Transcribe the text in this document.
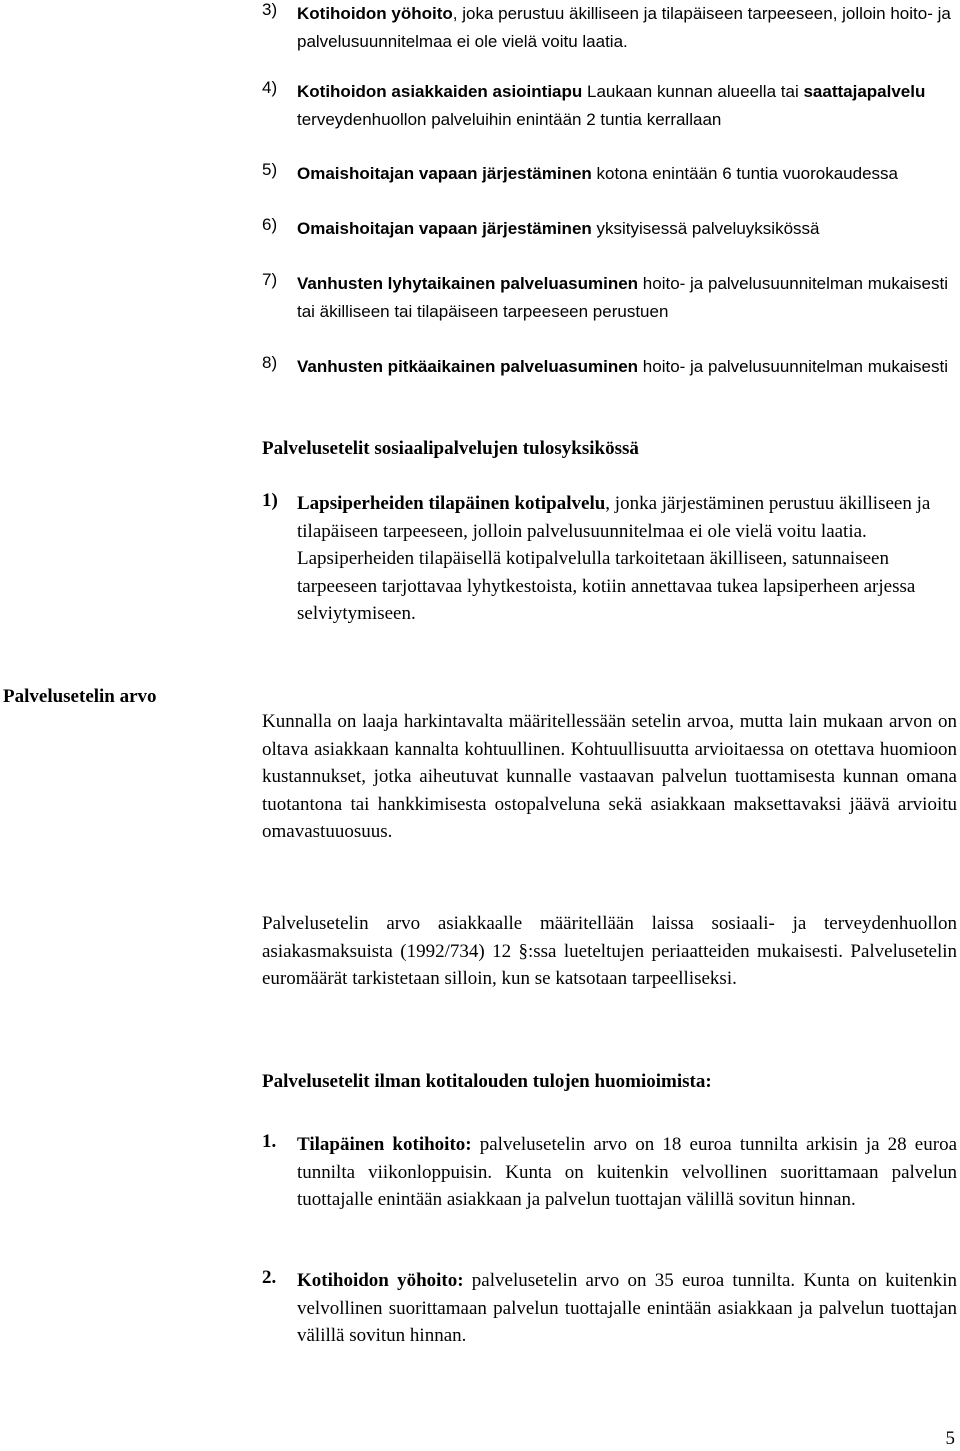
3)	Kotihoidon yöhoito, joka perustuu äkilliseen ja tilapäiseen tarpeeseen, jolloin hoito- ja palvelusuunnitelmaa ei ole vielä voitu laatia.

4)	Kotihoidon asiakkaiden asiointiapu Laukaan kunnan alueella tai saattajapalvelu terveydenhuollon palveluihin enintään 2 tuntia kerrallaan

5)	Omaishoitajan vapaan järjestäminen kotona enintään 6 tuntia vuorokaudessa

6)	Omaishoitajan vapaan järjestäminen yksityisessä palveluyksikössä

7)	Vanhusten lyhytaikainen palveluasuminen hoito- ja palvelusuunnitelman mukaisesti tai äkilliseen tai tilapäiseen tarpeeseen perustuen

8)	Vanhusten pitkäaikainen palveluasuminen hoito- ja palvelusuunnitelman mukaisesti

Palvelusetelit sosiaalipalvelujen tulosyksikössä
1)	Lapsiperheiden tilapäinen kotipalvelu, jonka järjestäminen perustuu äkilliseen ja tilapäiseen tarpeeseen, jolloin palvelusuunnitelmaa ei ole vielä voitu laatia. Lapsiperheiden tilapäisellä kotipalvelulla tarkoitetaan äkilliseen, satunnaiseen tarpeeseen tarjottavaa lyhytkestoista, kotiin annettavaa tukea lapsiperheen arjessa selviytymiseen.

Palvelusetelin arvo

Kunnalla on laaja harkintavalta määritellessään setelin arvoa, mutta lain mukaan arvon on oltava asiakkaan kannalta kohtuullinen. Kohtuullisuutta arvioitaessa on otettava huomioon kustannukset, jotka aiheutuvat kunnalle vastaavan palvelun tuottamisesta kunnan omana tuotantona tai hankkimisesta ostopalveluna sekä asiakkaan maksettavaksi jäävä arvioitu omavastuuosuus.

Palvelusetelin arvo asiakkaalle määritellään laissa sosiaali- ja terveydenhuollon asiakasmaksuista (1992/734) 12 §:ssa lueteltujen periaatteiden mukaisesti. Palvelusetelin euromäärät tarkistetaan silloin, kun se katsotaan tarpeelliseksi.

Palvelusetelit ilman kotitalouden tulojen huomioimista:
1.	Tilapäinen kotihoito: palvelusetelin arvo on 18 euroa tunnilta arkisin ja 28 euroa tunnilta viikonloppuisin. Kunta on kuitenkin velvollinen suorittamaan palvelun tuottajalle enintään asiakkaan ja palvelun tuottajan välillä sovitun hinnan.

2.	Kotihoidon yöhoito: palvelusetelin arvo on 35 euroa tunnilta. Kunta on kuitenkin velvollinen suorittamaan palvelun tuottajalle enintään asiakkaan ja palvelun tuottajan välillä sovitun hinnan.

5
